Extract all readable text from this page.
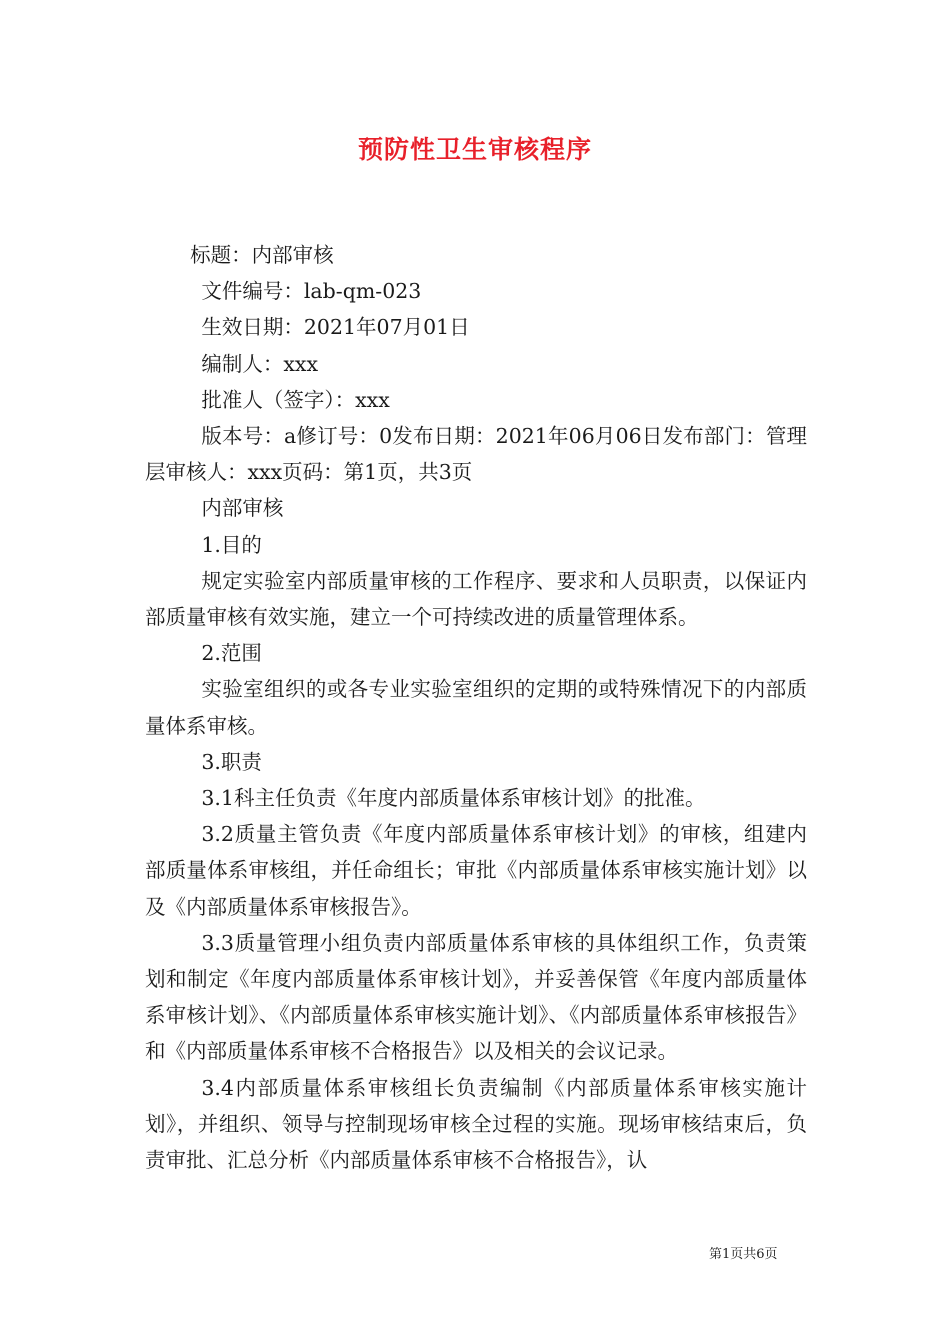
预防性卫生审核程序

标题：内部审核

文件编号：lab-qm-023

生效日期：2021年07月01日

编制人：xxx

批准人（签字）：xxx

版本号：a修订号：0发布日期：2021年06月06日发布部门：管理层审核人：xxx页码：第1页，共3页

内部审核

1.目的

规定实验室内部质量审核的工作程序、要求和人员职责，以保证内部质量审核有效实施，建立一个可持续改进的质量管理体系。

2.范围

实验室组织的或各专业实验室组织的定期的或特殊情况下的内部质量体系审核。

3.职责

3.1科主任负责《年度内部质量体系审核计划》的批准。

3.2质量主管负责《年度内部质量体系审核计划》的审核，组建内部质量体系审核组，并任命组长；审批《内部质量体系审核实施计划》以及《内部质量体系审核报告》。

3.3质量管理小组负责内部质量体系审核的具体组织工作，负责策划和制定《年度内部质量体系审核计划》，并妥善保管《年度内部质量体系审核计划》、《内部质量体系审核实施计划》、《内部质量体系审核报告》和《内部质量体系审核不合格报告》以及相关的会议记录。

3.4内部质量体系审核组长负责编制《内部质量体系审核实施计划》，并组织、领导与控制现场审核全过程的实施。现场审核结束后，负责审批、汇总分析《内部质量体系审核不合格报告》，认

第1页共6页
